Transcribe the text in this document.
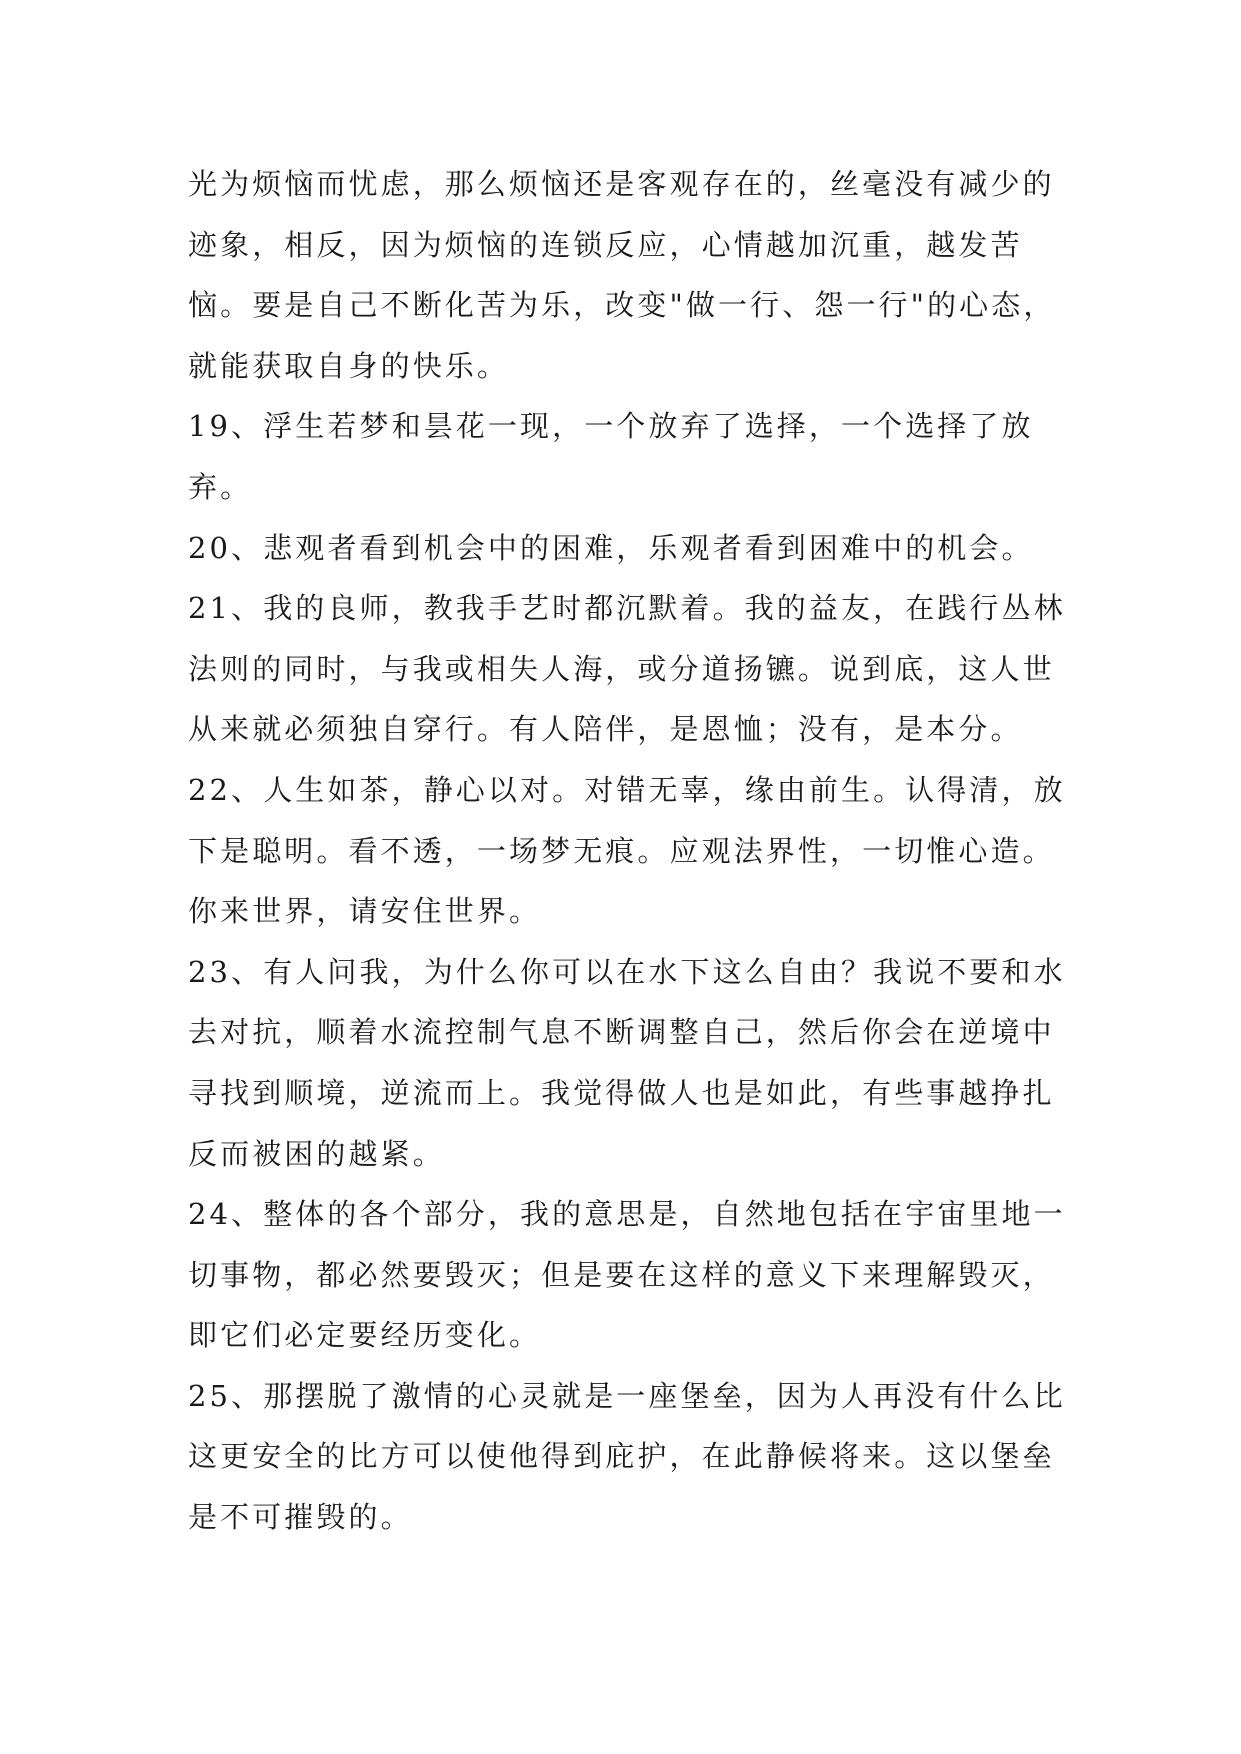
光为烦恼而忧虑，那么烦恼还是客观存在的，丝毫没有减少的迹象，相反，因为烦恼的连锁反应，心情越加沉重，越发苦恼。要是自己不断化苦为乐，改变"做一行、怨一行"的心态，就能获取自身的快乐。

19、浮生若梦和昙花一现，一个放弃了选择，一个选择了放弃。

20、悲观者看到机会中的困难，乐观者看到困难中的机会。

21、我的良师，教我手艺时都沉默着。我的益友，在践行丛林法则的同时，与我或相失人海，或分道扬镳。说到底，这人世从来就必须独自穿行。有人陪伴，是恩恤；没有，是本分。

22、人生如茶，静心以对。对错无辜，缘由前生。认得清，放下是聪明。看不透，一场梦无痕。应观法界性，一切惟心造。你来世界，请安住世界。

23、有人问我，为什么你可以在水下这么自由？我说不要和水去对抗，顺着水流控制气息不断调整自己，然后你会在逆境中寻找到顺境，逆流而上。我觉得做人也是如此，有些事越挣扎反而被困的越紧。

24、整体的各个部分，我的意思是，自然地包括在宇宙里地一切事物，都必然要毁灭；但是要在这样的意义下来理解毁灭，即它们必定要经历变化。

25、那摆脱了激情的心灵就是一座堡垒，因为人再没有什么比这更安全的比方可以使他得到庇护，在此静候将来。这以堡垒是不可摧毁的。
